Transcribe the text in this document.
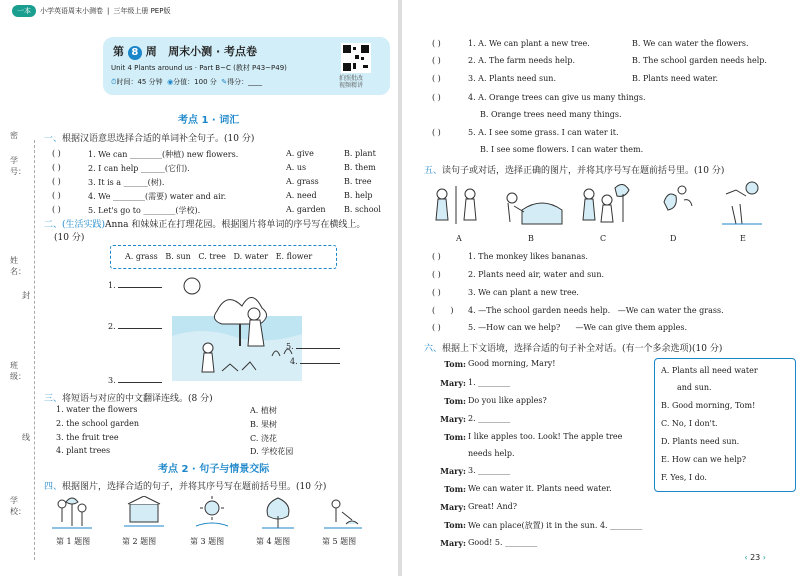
一本	小学英语周末小测卷 | 三年级上册 PEP版
密
学号：
姓名：
封
班级：
线
学校：
第 8 周 周末小测 · 考点卷
Unit 4 Plants around us · Part B~C (教材 P43~P49)
⏱时间：45 分钟 ◉分值：100 分 ✎得分：____	拍照批改
视频精讲
考点 1 · 词汇
一、根据汉语意思选择合适的单词补全句子。(10 分)
( )	1. We can ________(种植) new flowers.	A. give	B. plant
( )	2. I can help ______(它们).	A. us	B. them
( )	3. It is a ______(树).	A. grass	B. tree
( )	4. We ________(需要) water and air.	A. need	B. help
( )	5. Let's go to ________(学校).	A. garden B. school
二、(生活实践)Anna 和妹妹正在打理花园。根据图片将单词的序号写在横线上。
(10 分)
A. grass   B. sun   C. tree   D. water   E. flower
1.
2.
3.
4.
5.
三、将短语与对应的中文翻译连线。(8 分)
1. water the flowers
2. the school garden
3. the fruit tree
4. plant trees
A. 植树
B. 果树
C. 浇花
D. 学校花园
考点 2 · 句子与情景交际
四、根据图片，选择合适的句子，并将其序号写在题前括号里。(10 分)
第 1 题图	第 2 题图	第 3 题图	第 4 题图	第 5 题图
( )	1. A. We can plant a new tree.	B. We can water the flowers.
( )	2. A. The farm needs help.	B. The school garden needs help.
( )	3. A. Plants need sun.	B. Plants need water.
( )	4. A. Orange trees can give us many things.
B. Orange trees need many things.
( )	5. A. I see some grass. I can water it.
B. I see some flowers. I can water them.
五、读句子或对话，选择正确的图片，并将其序号写在题前括号里。(10 分)
A	B	C	D	E
( )	1. The monkey likes bananas.
( )	2. Plants need air, water and sun.
( )	3. We can plant a new tree.
(      ) 4. —The school garden needs help.   —We can water the grass.
( )	5. —How can we help?      —We can give them apples.
六、根据上下文语境，选择合适的句子补全对话。(有一个多余选项)(10 分)
Tom: Good morning, Mary!
Mary: 1. ________
Tom: Do you like apples?
Mary: 2. ________
Tom: I like apples too. Look! The apple tree
needs help.
Mary: 3. ________
Tom: We can water it. Plants need water.
Mary: Great! And?
Tom: We can place(放置) it in the sun. 4. ________
Mary: Good! 5. ________
A. Plants all need water
and sun.
B. Good morning, Tom!
C. No, I don't.
D. Plants need sun.
E. How can we help?
F. Yes, I do.
‹ 23 ›
